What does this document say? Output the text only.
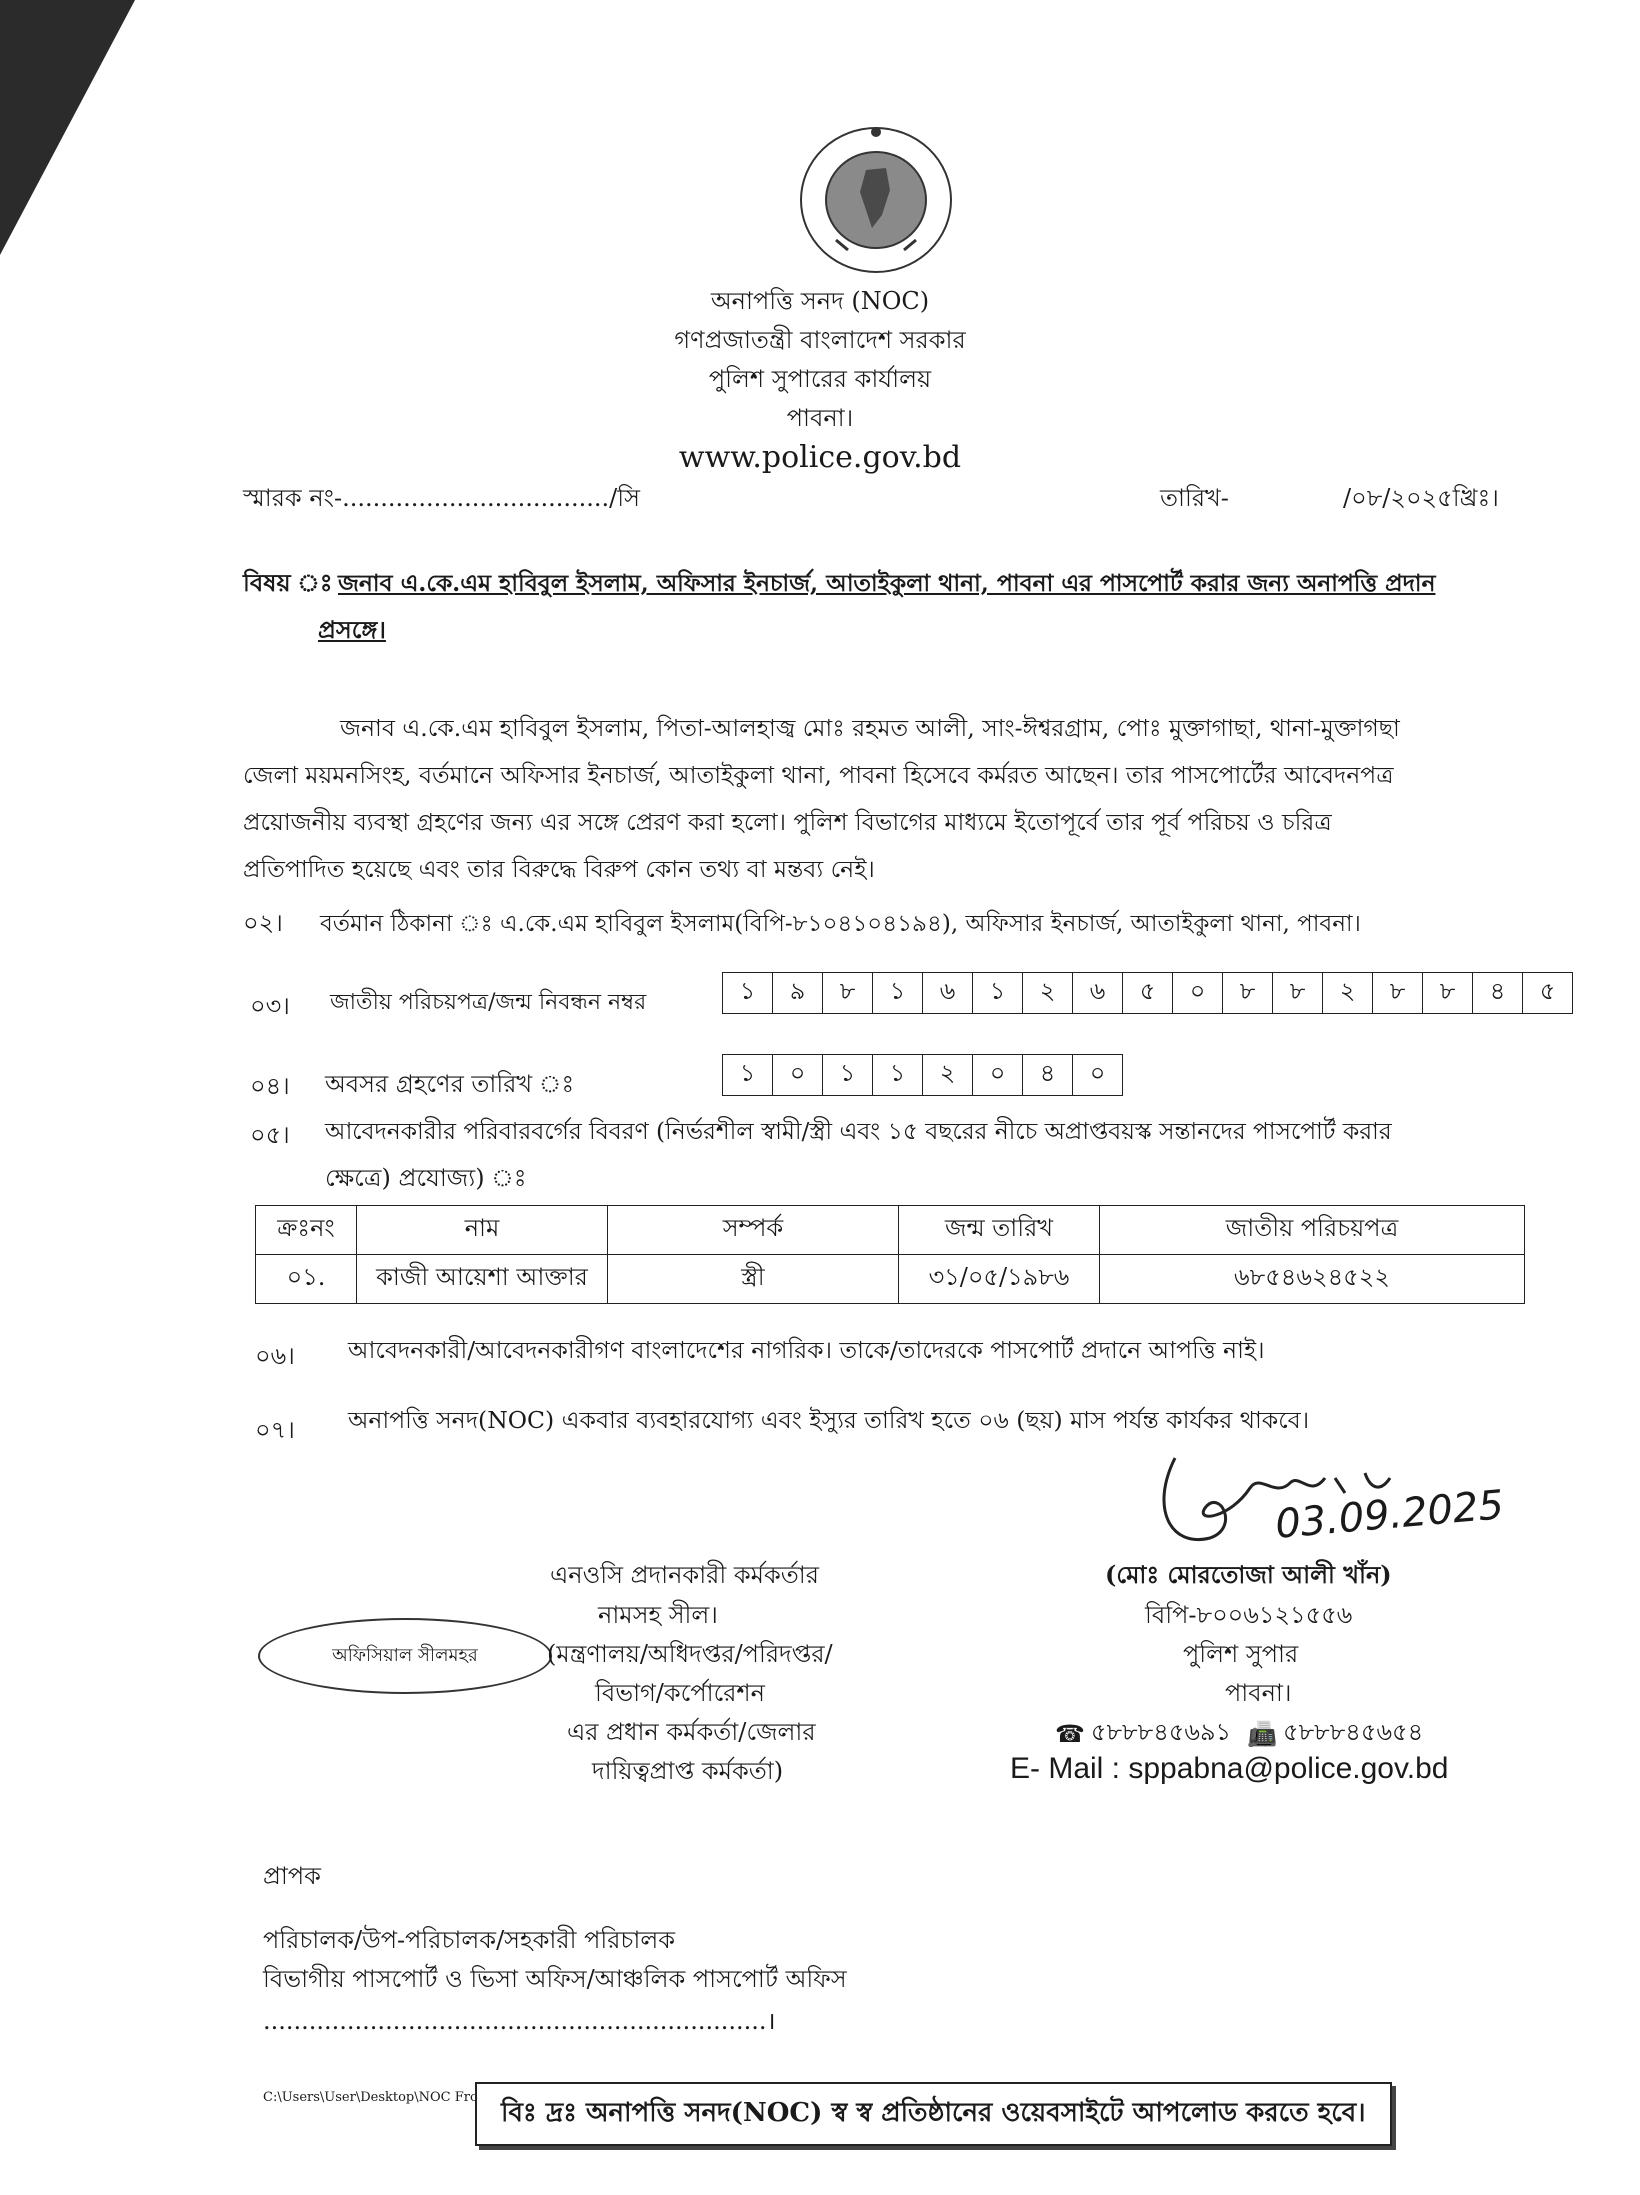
অনাপত্তি সনদ (NOC)
গণপ্রজাতন্ত্রী বাংলাদেশ সরকার
পুলিশ সুপারের কার্যালয়
পাবনা।
www.police.gov.bd
স্মারক নং-.................................../সি	তারিখ-	/০৮/২০২৫খ্রিঃ।
বিষয় ঃ জনাব এ.কে.এম হাবিবুল ইসলাম, অফিসার ইনচার্জ, আতাইকুলা থানা, পাবনা এর পাসপোর্ট করার জন্য অনাপত্তি প্রদান
প্রসঙ্গে।
জনাব এ.কে.এম হাবিবুল ইসলাম, পিতা-আলহাজ্ব মোঃ রহমত আলী, সাং-ঈশ্বরগ্রাম, পোঃ মুক্তাগাছা, থানা-মুক্তাগছা
জেলা ময়মনসিংহ, বর্তমানে অফিসার ইনচার্জ, আতাইকুলা থানা, পাবনা হিসেবে কর্মরত আছেন। তার পাসপোর্টের আবেদনপত্র
প্রয়োজনীয় ব্যবস্থা গ্রহণের জন্য এর সঙ্গে প্রেরণ করা হলো। পুলিশ বিভাগের মাধ্যমে ইতোপূর্বে তার পূর্ব পরিচয় ও চরিত্র
প্রতিপাদিত হয়েছে এবং তার বিরুদ্ধে বিরুপ কোন তথ্য বা মন্তব্য নেই।
০২। বর্তমান ঠিকানা ঃ এ.কে.এম হাবিবুল ইসলাম(বিপি-৮১০৪১০৪১৯৪), অফিসার ইনচার্জ, আতাইকুলা থানা, পাবনা।
০৩। জাতীয় পরিচয়পত্র/জন্ম নিবন্ধন নম্বর	১	৯	৮	১	৬	১	২	৬	৫	০	৮	৮	২	৮	৮	৪	৫
০৪। অবসর গ্রহণের তারিখ ঃ	১	০	১	১	২	০	৪	০
০৫। আবেদনকারীর পরিবারবর্গের বিবরণ (নির্ভরশীল স্বামী/স্ত্রী এবং ১৫ বছরের নীচে অপ্রাপ্তবয়স্ক সন্তানদের পাসপোর্ট করার
ক্ষেত্রে) প্রযোজ্য) ঃ
ক্রঃনং	নাম	সম্পর্ক	জন্ম তারিখ	জাতীয় পরিচয়পত্র
০১.	কাজী আয়েশা আক্তার	স্ত্রী	৩১/০৫/১৯৮৬	৬৮৫৪৬২৪৫২২
০৬। আবেদনকারী/আবেদনকারীগণ বাংলাদেশের নাগরিক। তাকে/তাদেরকে পাসপোর্ট প্রদানে আপত্তি নাই।
০৭। অনাপত্তি সনদ(NOC) একবার ব্যবহারযোগ্য এবং ইস্যুর তারিখ হতে ০৬ (ছয়) মাস পর্যন্ত কার্যকর থাকবে।
03.09.2025
(মোঃ মোরতোজা আলী খাঁন)
বিপি-৮০০৬১২১৫৫৬
পুলিশ সুপার
পাবনা।
☎ ৫৮৮৮৪৫৬৯১ 📠 ৫৮৮৮৪৫৬৫৪
E- Mail : sppabna@police.gov.bd
অফিসিয়াল সীলমহর
এনওসি প্রদানকারী কর্মকর্তার
নামসহ সীল।
(মন্ত্রণালয়/অধিদপ্তর/পরিদপ্তর/
বিভাগ/কর্পোরেশন
এর প্রধান কর্মকর্তা/জেলার
দায়িত্বপ্রাপ্ত কর্মকর্তা)
প্রাপক
পরিচালক/উপ-পরিচালক/সহকারী পরিচালক
বিভাগীয় পাসপোর্ট ও ভিসা অফিস/আঞ্চলিক পাসপোর্ট অফিস
..................................................................।
C:\Users\User\Desktop\NOC Fro
বিঃ দ্রঃ অনাপত্তি সনদ(NOC) স্ব স্ব প্রতিষ্ঠানের ওয়েবসাইটে আপলোড করতে হবে।
